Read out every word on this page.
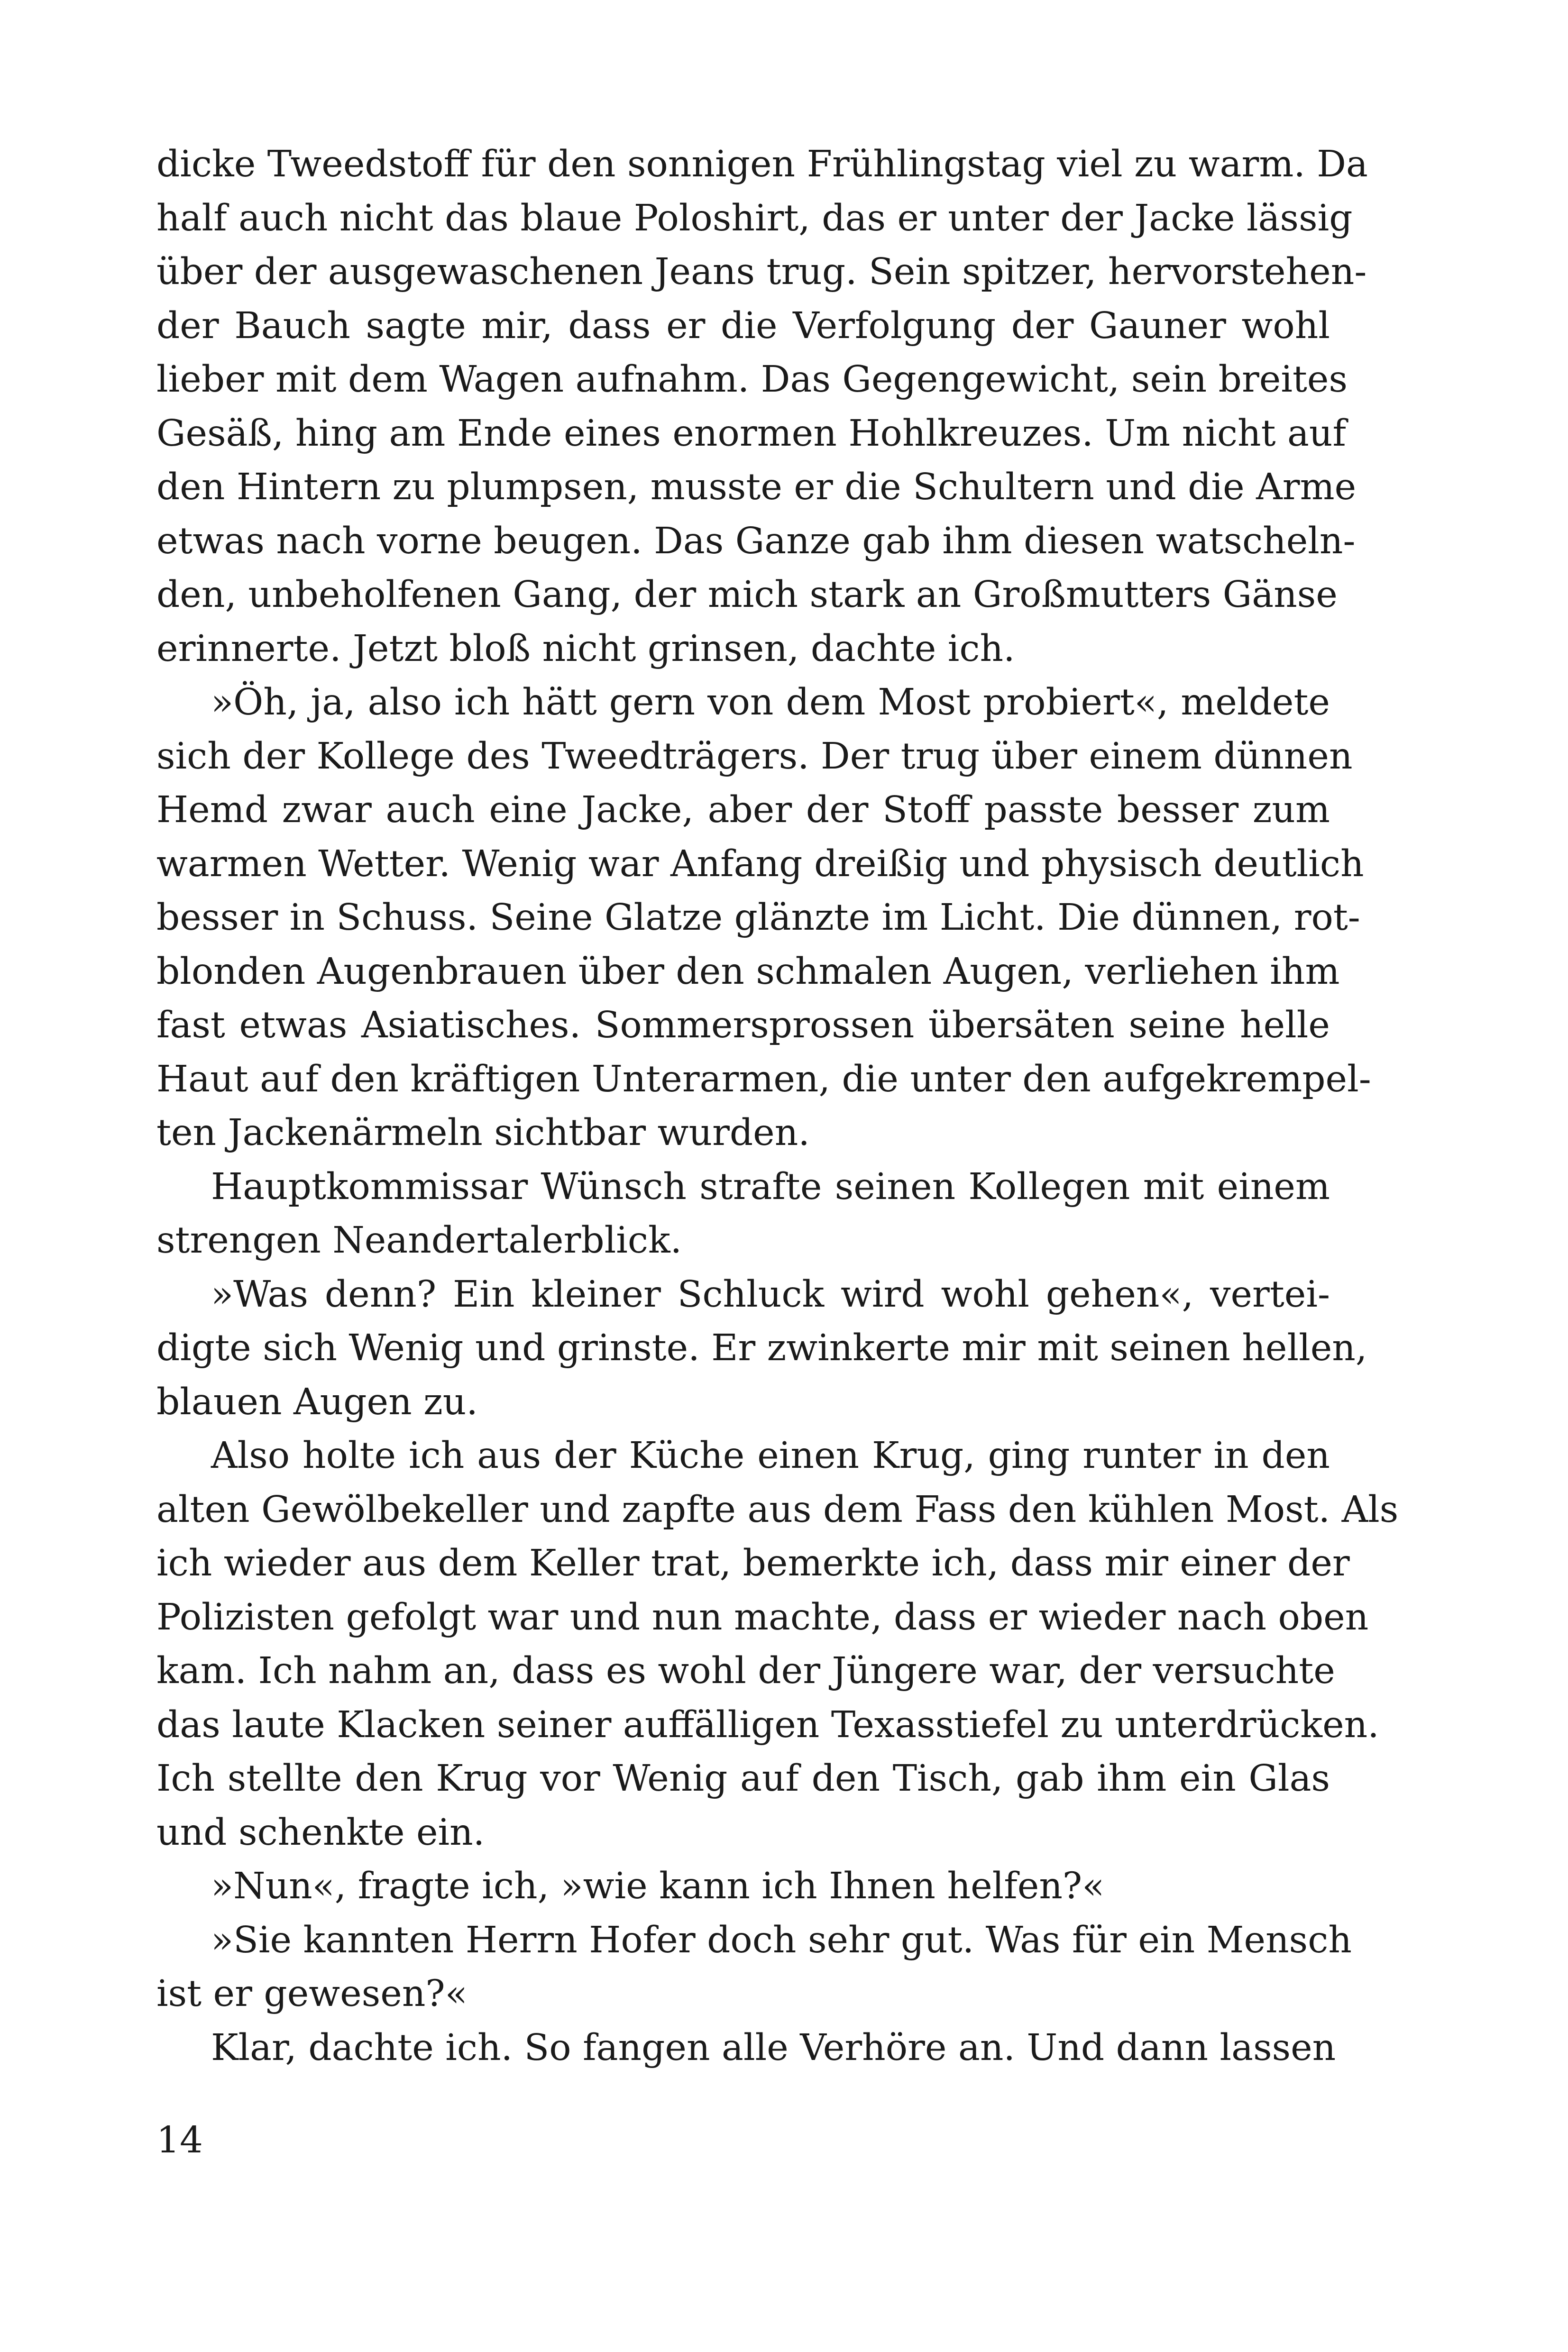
dicke Tweedstoff für den sonnigen Frühlingstag viel zu warm. Da
half auch nicht das blaue Poloshirt, das er unter der Jacke lässig
über der ausgewaschenen Jeans trug. Sein spitzer, hervorstehen-
der Bauch sagte mir, dass er die Verfolgung der Gauner wohl
lieber mit dem Wagen aufnahm. Das Gegengewicht, sein breites
Gesäß, hing am Ende eines enormen Hohlkreuzes. Um nicht auf
den Hintern zu plumpsen, musste er die Schultern und die Arme
etwas nach vorne beugen. Das Ganze gab ihm diesen watscheln-
den, unbeholfenen Gang, der mich stark an Großmutters Gänse
erinnerte. Jetzt bloß nicht grinsen, dachte ich.
»Öh, ja, also ich hätt gern von dem Most probiert«, meldete
sich der Kollege des Tweedträgers. Der trug über einem dünnen
Hemd zwar auch eine Jacke, aber der Stoff passte besser zum
warmen Wetter. Wenig war Anfang dreißig und physisch deutlich
besser in Schuss. Seine Glatze glänzte im Licht. Die dünnen, rot-
blonden Augenbrauen über den schmalen Augen, verliehen ihm
fast etwas Asiatisches. Sommersprossen übersäten seine helle
Haut auf den kräftigen Unterarmen, die unter den aufgekrempel-
ten Jackenärmeln sichtbar wurden.
Hauptkommissar Wünsch strafte seinen Kollegen mit einem
strengen Neandertalerblick.
»Was denn? Ein kleiner Schluck wird wohl gehen«, vertei-
digte sich Wenig und grinste. Er zwinkerte mir mit seinen hellen,
blauen Augen zu.
Also holte ich aus der Küche einen Krug, ging runter in den
alten Gewölbekeller und zapfte aus dem Fass den kühlen Most. Als
ich wieder aus dem Keller trat, bemerkte ich, dass mir einer der
Polizisten gefolgt war und nun machte, dass er wieder nach oben
kam. Ich nahm an, dass es wohl der Jüngere war, der versuchte
das laute Klacken seiner auffälligen Texasstiefel zu unterdrücken.
Ich stellte den Krug vor Wenig auf den Tisch, gab ihm ein Glas
und schenkte ein.
»Nun«, fragte ich, »wie kann ich Ihnen helfen?«
»Sie kannten Herrn Hofer doch sehr gut. Was für ein Mensch
ist er gewesen?«
Klar, dachte ich. So fangen alle Verhöre an. Und dann lassen
14
